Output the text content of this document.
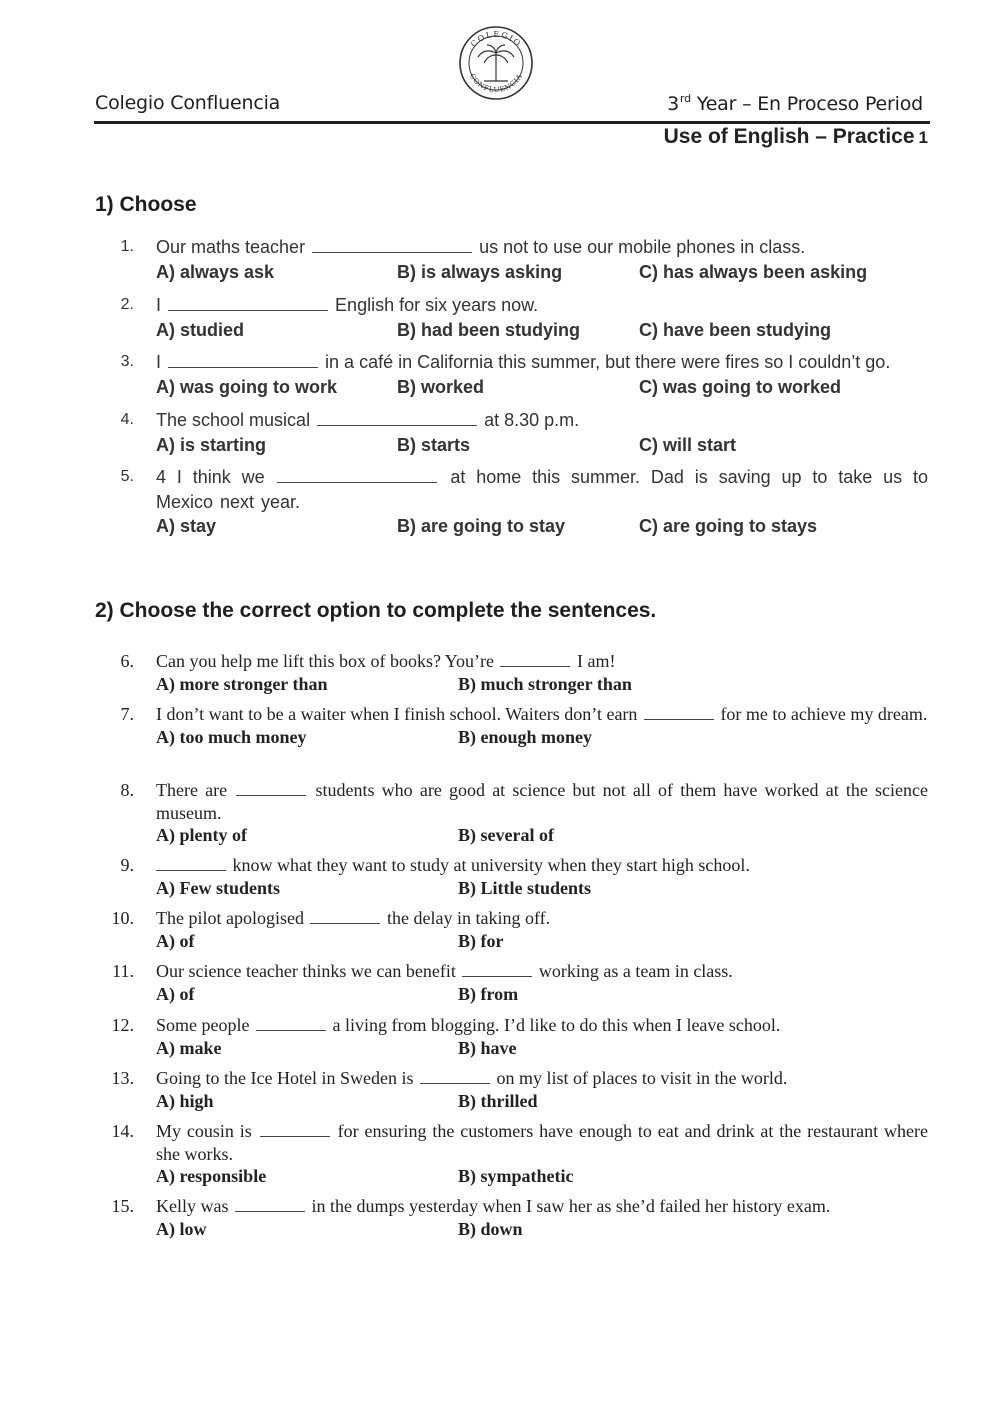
COLEGIO
CONFLUENCIA
Colegio Confluencia	3rd Year – En Proceso Period
Use of English – Practice 1
1) Choose
1. Our maths teacher	us not to use our mobile phones in class.
A) always ask	B) is always asking	C) has always been asking
2. I	English for six years now.
A) studied	B) had been studying	C) have been studying
3. I	in a café in California this summer, but there were fires so I couldn’t go.
A) was going to work	B) worked	C) was going to worked
4. The school musical	at 8.30 p.m.
A) is starting	B) starts	C) will start
5. 4 I think we	at home this summer. Dad is saving up to take us to Mexico next year.
A) stay	B) are going to stay	C) are going to stays
2) Choose the correct option to complete the sentences.
6. Can you help me lift this box of books? You’re	I am!
A) more stronger than	B) much stronger than
7. I don’t want to be a waiter when I finish school. Waiters don’t earn	for me to achieve my dream.
A) too much money	B) enough money
8. There are	students who are good at science but not all of them have worked at the science museum.
A) plenty of	B) several of
9.	know what they want to study at university when they start high school.
A) Few students	B) Little students
10. The pilot apologised	the delay in taking off.
A) of	B) for
11. Our science teacher thinks we can benefit	working as a team in class.
A) of	B) from
12. Some people	a living from blogging. I’d like to do this when I leave school.
A) make	B) have
13. Going to the Ice Hotel in Sweden is	on my list of places to visit in the world.
A) high	B) thrilled
14. My cousin is	for ensuring the customers have enough to eat and drink at the restaurant where she works.
A) responsible	B) sympathetic
15. Kelly was	in the dumps yesterday when I saw her as she’d failed her history exam.
A) low	B) down
